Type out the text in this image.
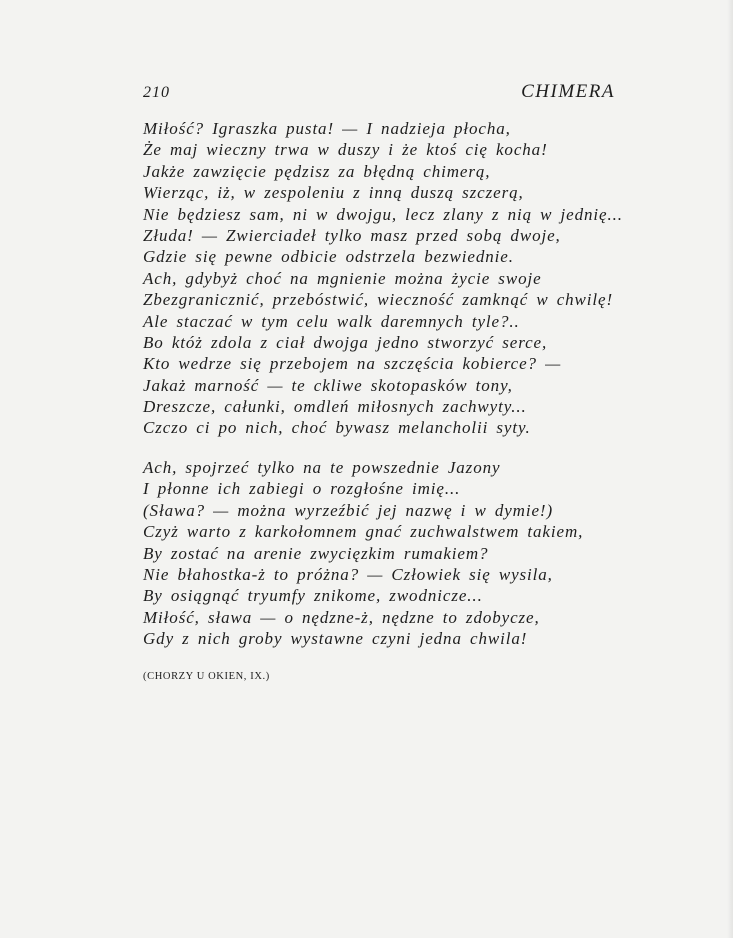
210	CHIMERA
Miłość? Igraszka pusta! — I nadzieja płocha,
Że maj wieczny trwa w duszy i że ktoś cię kocha!
Jakże zawzięcie pędzisz za błędną chimerą,
Wierząc, iż, w zespoleniu z inną duszą szczerą,
Nie będziesz sam, ni w dwojgu, lecz zlany z nią w jednię...
Złuda! — Zwierciadeł tylko masz przed sobą dwoje,
Gdzie się pewne odbicie odstrzela bezwiednie.
Ach, gdybyż choć na mgnienie można życie swoje
Zbezgranicznić, przebóstwić, wieczność zamknąć w chwilę!
Ale staczać w tym celu walk daremnych tyle?..
Bo któż zdola z ciał dwojga jedno stworzyć serce,
Kto wedrze się przebojem na szczęścia kobierce? —
Jakaż marność — te ckliwe skotopasków tony,
Dreszcze, całunki, omdleń miłosnych zachwyty...
Czczo ci po nich, choć bywasz melancholii syty.
Ach, spojrzeć tylko na te powszednie Jazony
I płonne ich zabiegi o rozgłośne imię...
(Sława? — można wyrzeźbić jej nazwę i w dymie!)
Czyż warto z karkołomnem gnać zuchwalstwem takiem,
By zostać na arenie zwycięzkim rumakiem?
Nie błahostka-ż to próżna? — Człowiek się wysila,
By osiągnąć tryumfy znikome, zwodnicze...
Miłość, sława — o nędzne-ż, nędzne to zdobycze,
Gdy z nich groby wystawne czyni jedna chwila!
(CHORZY U OKIEN, IX.)
